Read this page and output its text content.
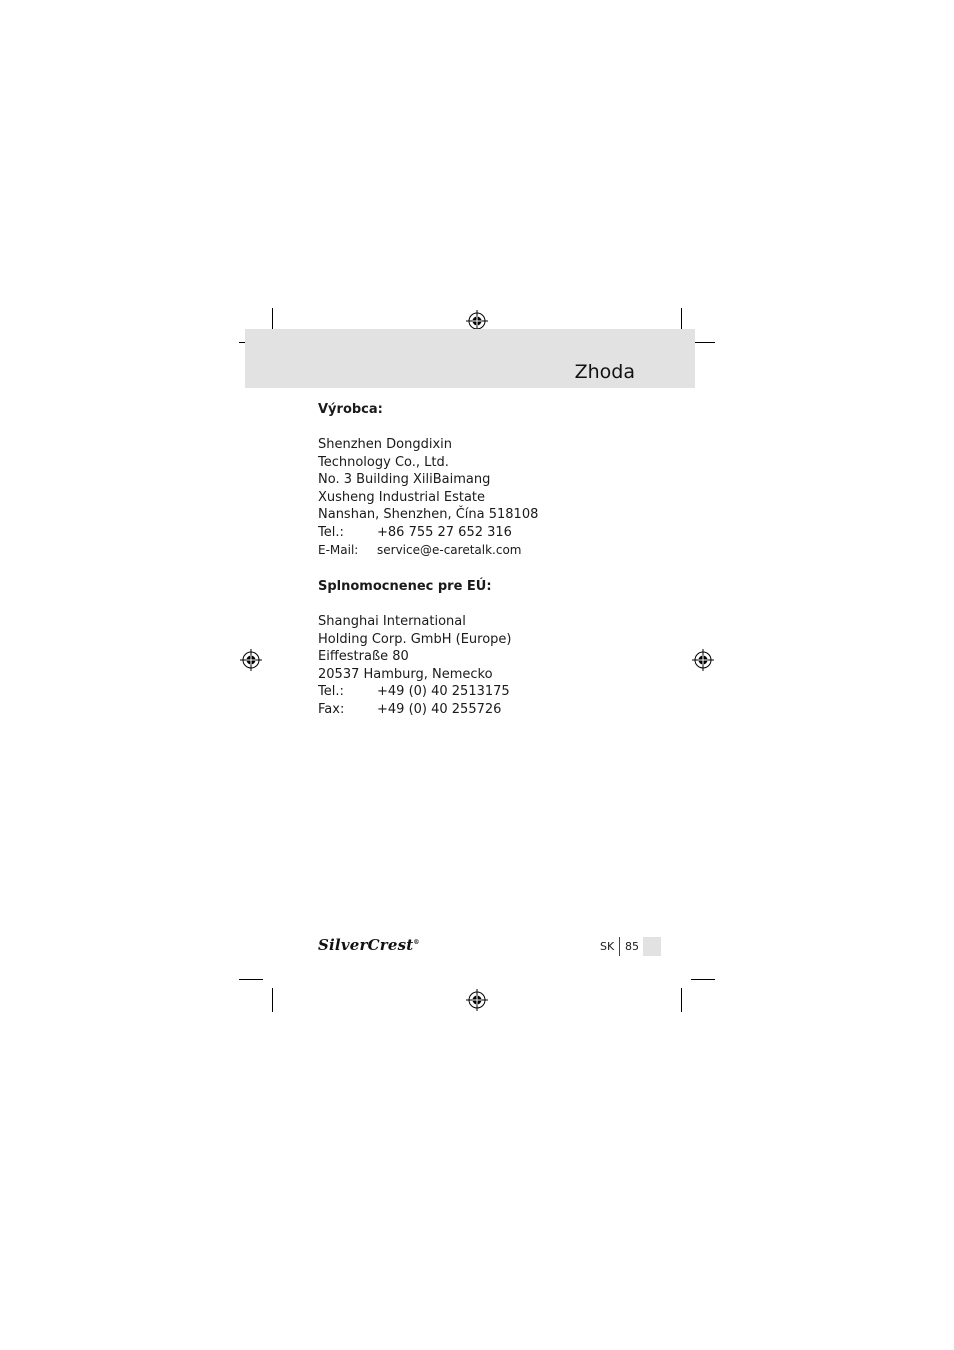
Zhoda
Výrobca:
Shenzhen Dongdixin
Technology Co., Ltd.
No. 3 Building XiliBaimang
Xusheng Industrial Estate
Nanshan, Shenzhen, Čína 518108
Tel.:	+86 755 27 652 316
E-Mail:	service@e-caretalk.com
Splnomocnenec pre EÚ:
Shanghai International
Holding Corp. GmbH (Europe)
Eiffestraße 80
20537 Hamburg, Nemecko
Tel.:	+49 (0) 40 2513175
Fax:	+49 (0) 40 255726
SilverCrest®	SK 85
